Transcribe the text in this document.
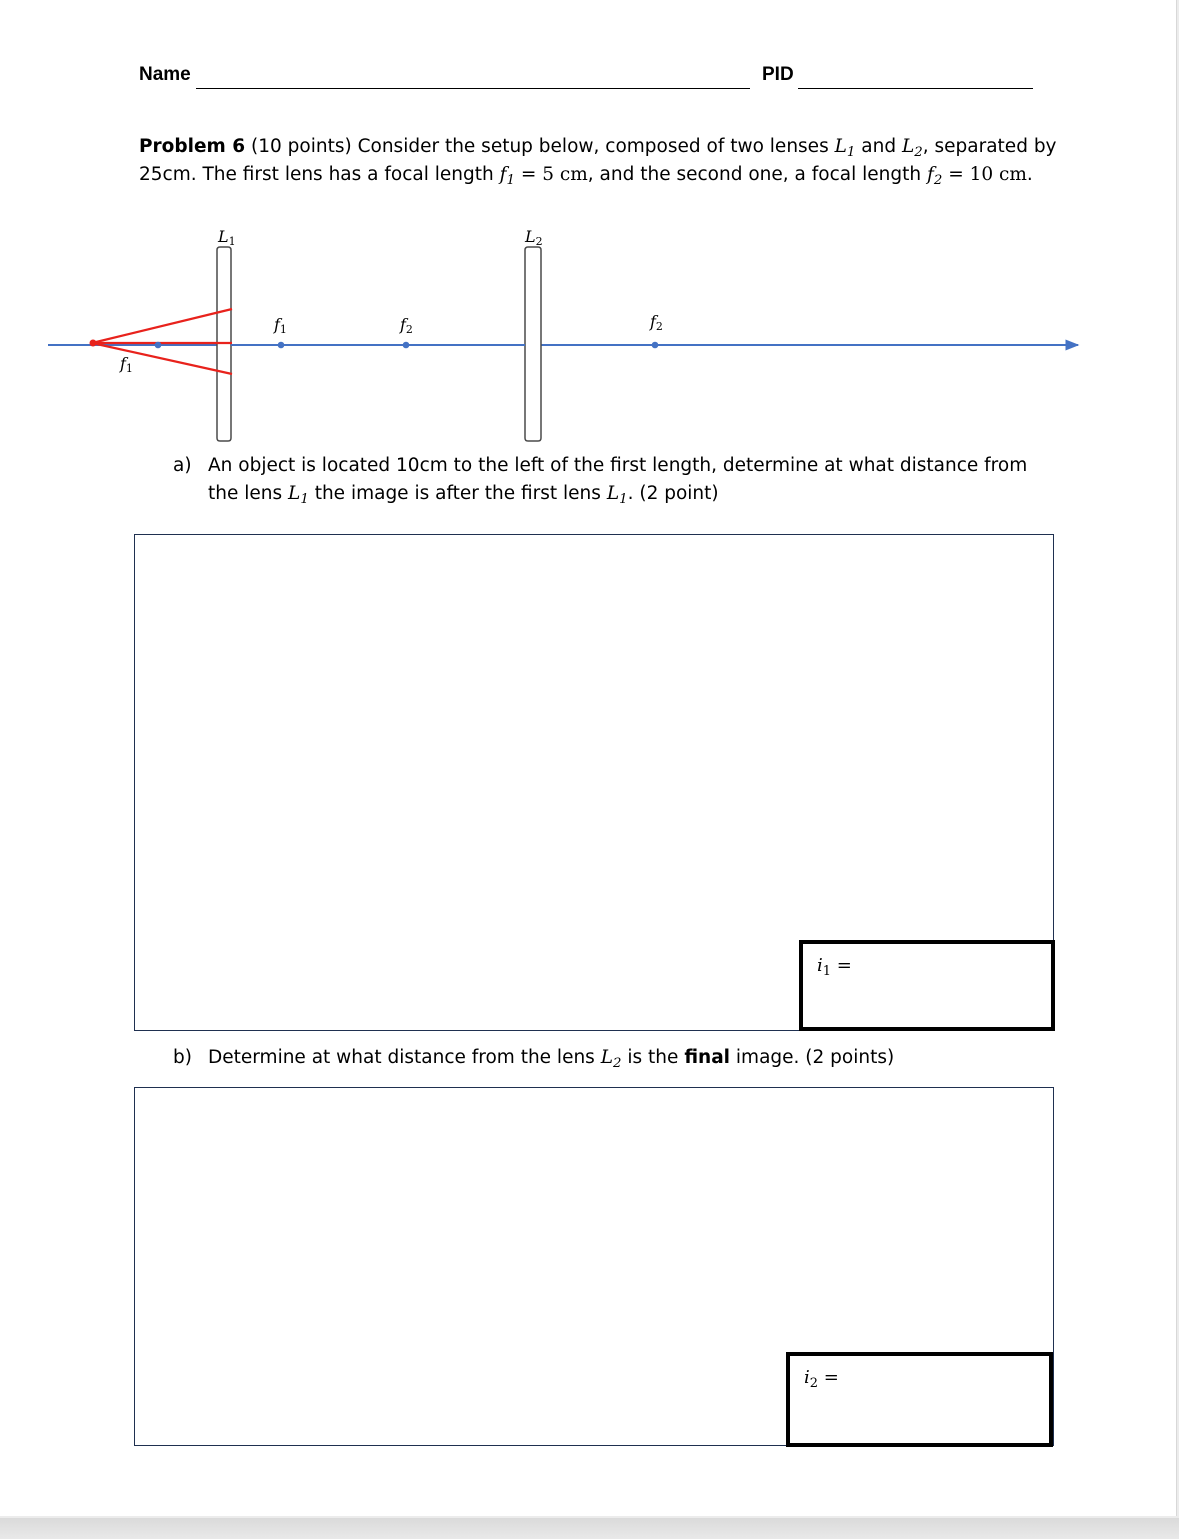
Name	PID
Problem 6 (10 points) Consider the setup below, composed of two lenses $L_1$ and $L_2$, separated by
25cm. The first lens has a focal length $f_1 = 5$ cm, and the second one, a focal length $f_2 = 10$ cm.
L1	L2
f1	f2	f2
f1
a) An object is located 10cm to the left of the first length, determine at what distance from
the lens $L_1$ the image is after the first lens $L_1$. (2 point)
$i_1$ =
b) Determine at what distance from the lens $L_2$ is the final image. (2 points)
$i_2$ =
